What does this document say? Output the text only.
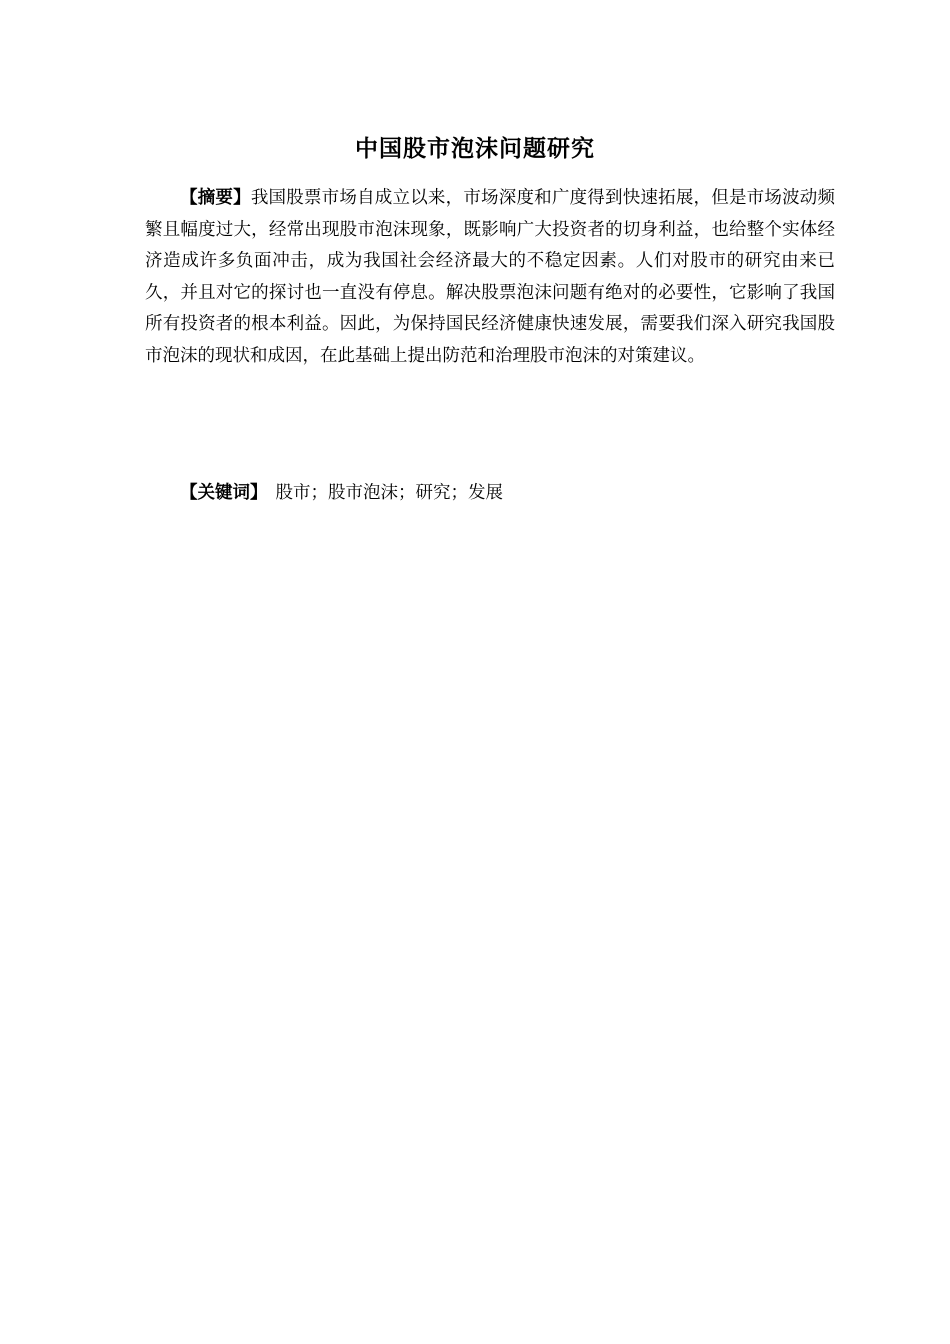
中国股市泡沫问题研究

【摘要】我国股票市场自成立以来，市场深度和广度得到快速拓展，但是市场波动频繁且幅度过大，经常出现股市泡沫现象，既影响广大投资者的切身利益，也给整个实体经济造成许多负面冲击，成为我国社会经济最大的不稳定因素。人们对股市的研究由来已久，并且对它的探讨也一直没有停息。解决股票泡沫问题有绝对的必要性，它影响了我国所有投资者的根本利益。因此，为保持国民经济健康快速发展，需要我们深入研究我国股市泡沫的现状和成因，在此基础上提出防范和治理股市泡沫的对策建议。

【关键词】 股市；股市泡沫；研究；发展
